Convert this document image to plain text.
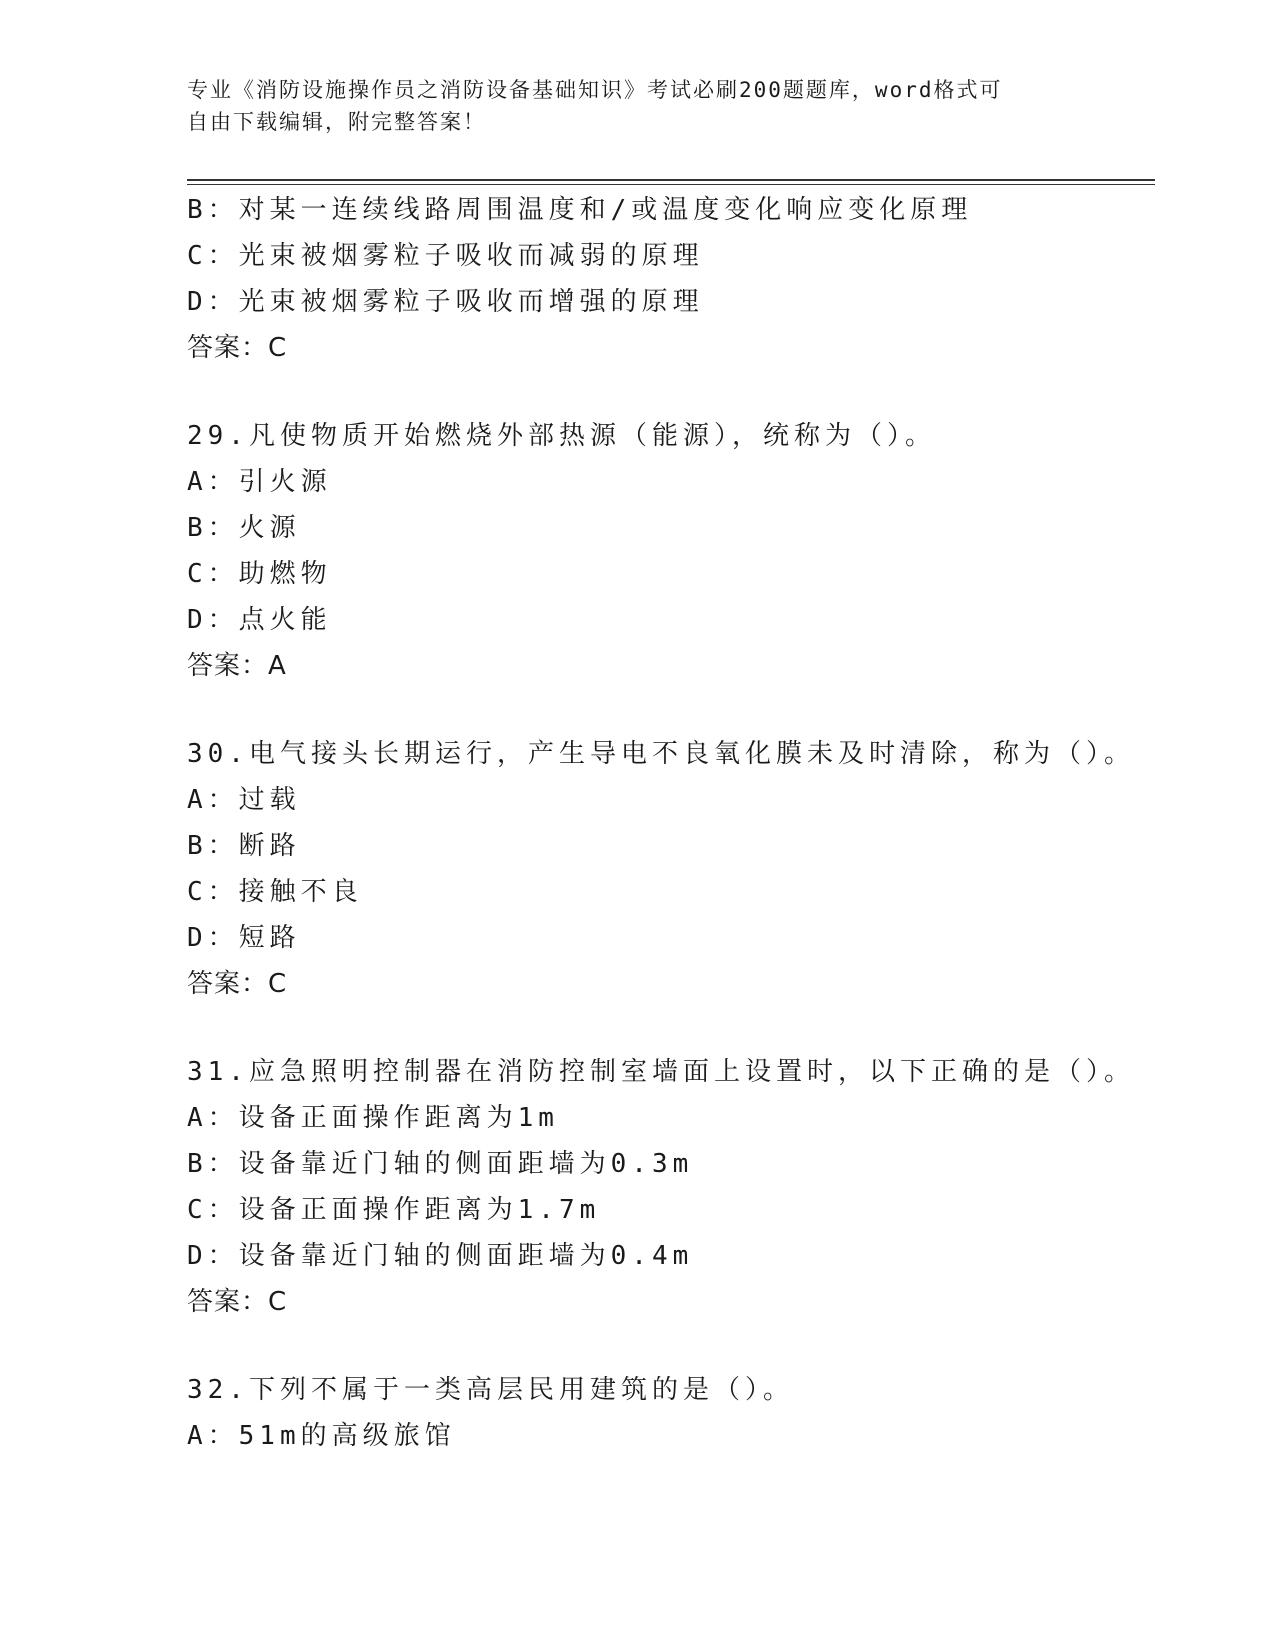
专业《消防设施操作员之消防设备基础知识》考试必刷200题题库，word格式可
自由下载编辑，附完整答案！
B：对某一连续线路周围温度和/或温度变化响应变化原理
C：光束被烟雾粒子吸收而减弱的原理
D：光束被烟雾粒子吸收而增强的原理
答案：C
29.凡使物质开始燃烧外部热源（能源），统称为（）。
A：引火源
B：火源
C：助燃物
D：点火能
答案：A
30.电气接头长期运行，产生导电不良氧化膜未及时清除，称为（）。
A：过载
B：断路
C：接触不良
D：短路
答案：C
31.应急照明控制器在消防控制室墙面上设置时，以下正确的是（）。
A：设备正面操作距离为1m
B：设备靠近门轴的侧面距墙为0.3m
C：设备正面操作距离为1.7m
D：设备靠近门轴的侧面距墙为0.4m
答案：C
32.下列不属于一类高层民用建筑的是（）。
A：51m的高级旅馆
